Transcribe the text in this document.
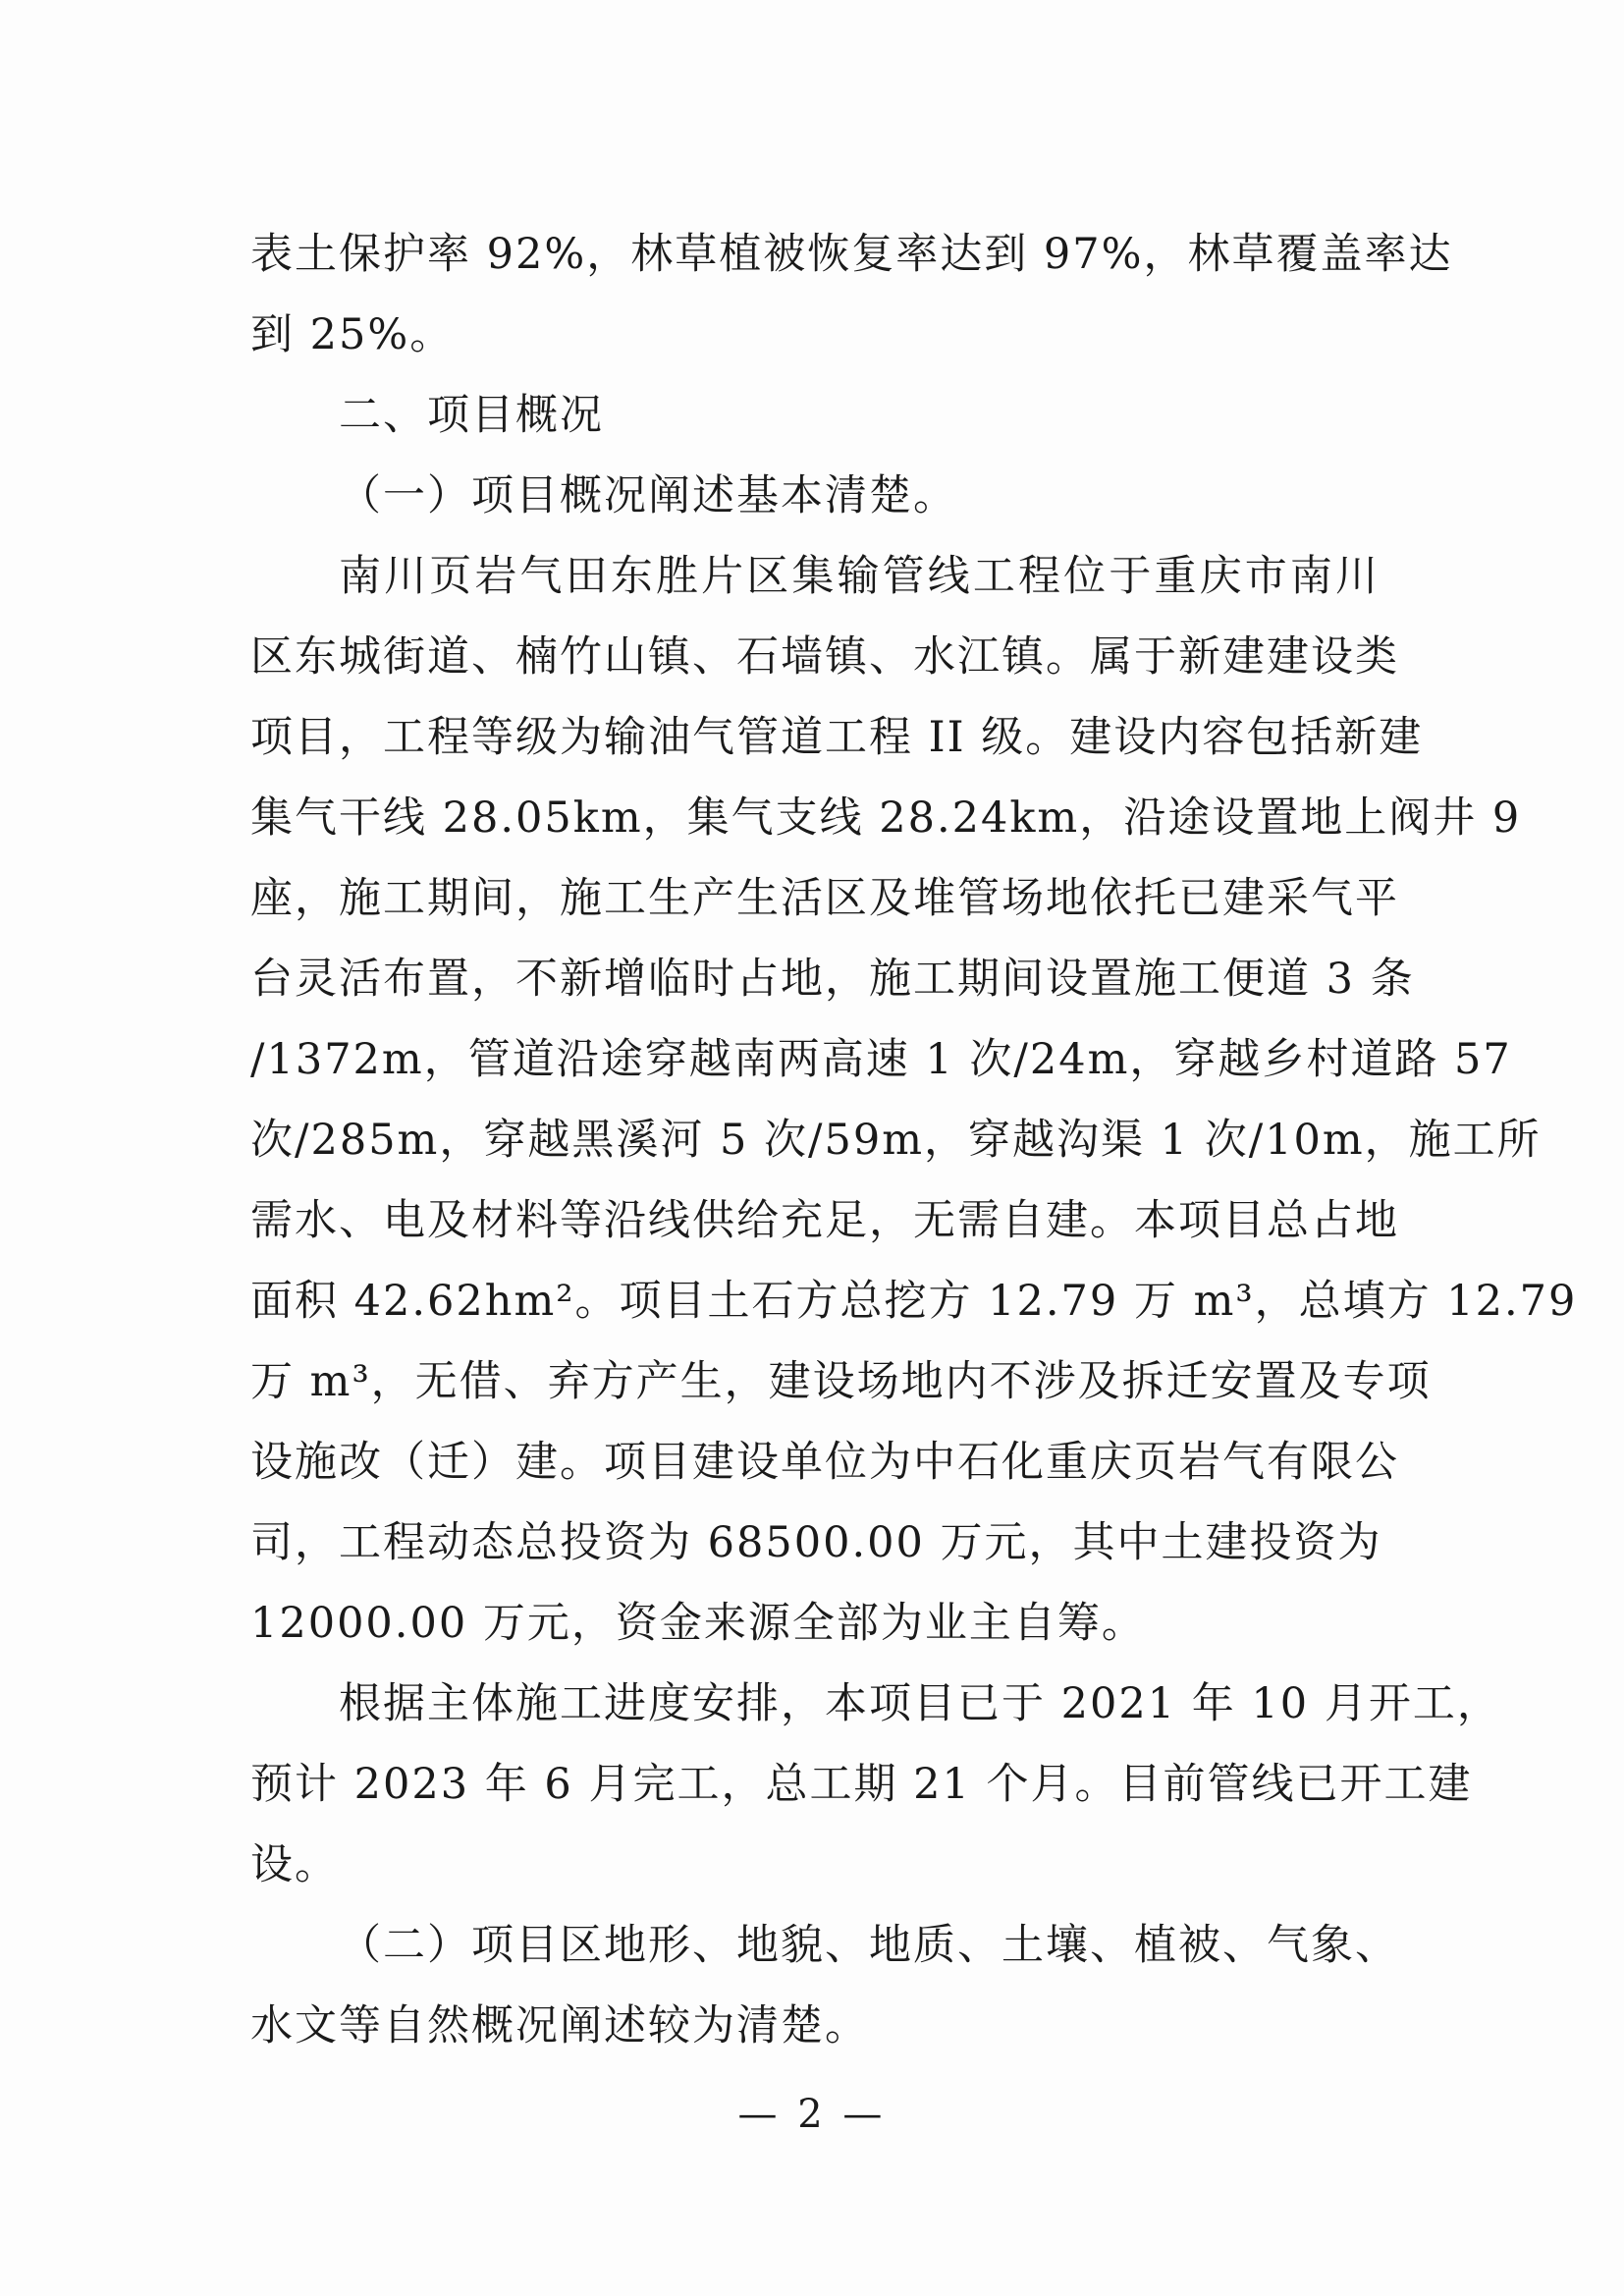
表土保护率 92%，林草植被恢复率达到 97%，林草覆盖率达
到 25%。
二、项目概况
（一）项目概况阐述基本清楚。
南川页岩气田东胜片区集输管线工程位于重庆市南川
区东城街道、楠竹山镇、石墙镇、水江镇。属于新建建设类
项目，工程等级为输油气管道工程 II 级。建设内容包括新建
集气干线 28.05km，集气支线 28.24km，沿途设置地上阀井 9
座，施工期间，施工生产生活区及堆管场地依托已建采气平
台灵活布置，不新增临时占地，施工期间设置施工便道 3 条
/1372m，管道沿途穿越南两高速 1 次/24m，穿越乡村道路 57
次/285m，穿越黑溪河 5 次/59m，穿越沟渠 1 次/10m，施工所
需水、电及材料等沿线供给充足，无需自建。本项目总占地
面积 42.62hm²。项目土石方总挖方 12.79 万 m³，总填方 12.79
万 m³，无借、弃方产生，建设场地内不涉及拆迁安置及专项
设施改（迁）建。项目建设单位为中石化重庆页岩气有限公
司，工程动态总投资为 68500.00 万元，其中土建投资为
12000.00 万元，资金来源全部为业主自筹。
根据主体施工进度安排，本项目已于 2021 年 10 月开工，
预计 2023 年 6 月完工，总工期 21 个月。目前管线已开工建
设。
（二）项目区地形、地貌、地质、土壤、植被、气象、
水文等自然概况阐述较为清楚。
— 2 —
